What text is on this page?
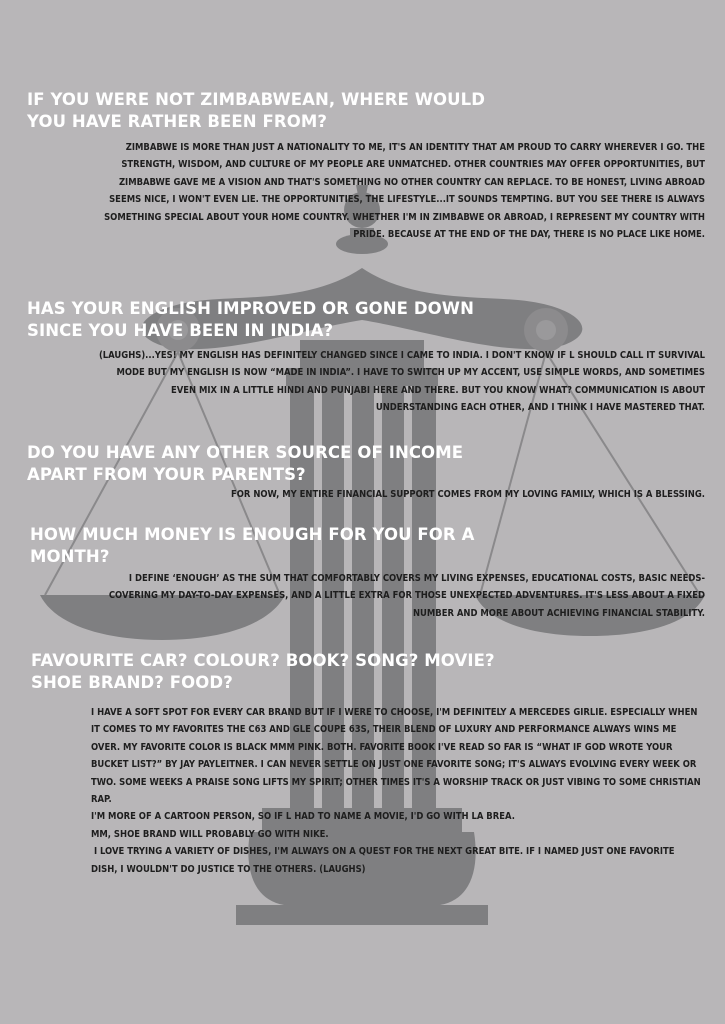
IF YOU WERE NOT ZIMBABWEAN, WHERE WOULD YOU HAVE RATHER BEEN FROM?

ZIMBABWE IS MORE THAN JUST A NATIONALITY TO ME, IT'S AN IDENTITY THAT AM PROUD TO CARRY WHEREVER I GO. THE STRENGTH, WISDOM, AND CULTURE OF MY PEOPLE ARE UNMATCHED. OTHER COUNTRIES MAY OFFER OPPORTUNITIES, BUT ZIMBABWE GAVE ME A VISION AND THAT'S SOMETHING NO OTHER COUNTRY CAN REPLACE. TO BE HONEST, LIVING ABROAD SEEMS NICE, I WON'T EVEN LIE. THE OPPORTUNITIES, THE LIFESTYLE...IT SOUNDS TEMPTING. BUT YOU SEE THERE IS ALWAYS SOMETHING SPECIAL ABOUT YOUR HOME COUNTRY. WHETHER I'M IN ZIMBABWE OR ABROAD, I REPRESENT MY COUNTRY WITH PRIDE. BECAUSE AT THE END OF THE DAY, THERE IS NO PLACE LIKE HOME.

HAS YOUR ENGLISH IMPROVED OR GONE DOWN SINCE YOU HAVE BEEN IN INDIA?

(LAUGHS)...YES! MY ENGLISH HAS DEFINITELY CHANGED SINCE I CAME TO INDIA. I DON'T KNOW IF L SHOULD CALL IT SURVIVAL MODE BUT MY ENGLISH IS NOW “MADE IN INDIA”. I HAVE TO SWITCH UP MY ACCENT, USE SIMPLE WORDS, AND SOMETIMES EVEN MIX IN A LITTLE HINDI AND PUNJABI HERE AND THERE. BUT YOU KNOW WHAT? COMMUNICATION IS ABOUT UNDERSTANDING EACH OTHER, AND I THINK I HAVE MASTERED THAT.

DO YOU HAVE ANY OTHER SOURCE OF INCOME APART FROM YOUR PARENTS?

FOR NOW, MY ENTIRE FINANCIAL SUPPORT COMES FROM MY LOVING FAMILY, WHICH IS A BLESSING.

HOW MUCH MONEY IS ENOUGH FOR YOU FOR A MONTH?

I DEFINE ‘ENOUGH’ AS THE SUM THAT COMFORTABLY COVERS MY LIVING EXPENSES, EDUCATIONAL COSTS, BASIC NEEDS-COVERING MY DAY-TO-DAY EXPENSES, AND A LITTLE EXTRA FOR THOSE UNEXPECTED ADVENTURES. IT'S LESS ABOUT A FIXED NUMBER AND MORE ABOUT ACHIEVING FINANCIAL STABILITY.

FAVOURITE CAR? COLOUR? BOOK? SONG? MOVIE? SHOE BRAND? FOOD?
I HAVE A SOFT SPOT FOR EVERY CAR BRAND BUT IF I WERE TO CHOOSE, I'M DEFINITELY A MERCEDES GIRLIE. ESPECIALLY WHEN IT COMES TO MY FAVORITES THE C63 AND GLE COUPE 63S, THEIR BLEND OF LUXURY AND PERFORMANCE ALWAYS WINS ME OVER. MY FAVORITE COLOR IS BLACK MMM PINK. BOTH. FAVORITE BOOK I'VE READ SO FAR IS “WHAT IF GOD WROTE YOUR BUCKET LIST?” BY JAY PAYLEITNER. I CAN NEVER SETTLE ON JUST ONE FAVORITE SONG; IT'S ALWAYS EVOLVING EVERY WEEK OR TWO. SOME WEEKS A PRAISE SONG LIFTS MY SPIRIT; OTHER TIMES IT'S A WORSHIP TRACK OR JUST VIBING TO SOME CHRISTIAN RAP.
I'M MORE OF A CARTOON PERSON, SO IF L HAD TO NAME A MOVIE, I'D GO WITH LA BREA.
MM, SHOE BRAND WILL PROBABLY GO WITH NIKE.
I LOVE TRYING A VARIETY OF DISHES, I'M ALWAYS ON A QUEST FOR THE NEXT GREAT BITE. IF I NAMED JUST ONE FAVORITE DISH, I WOULDN'T DO JUSTICE TO THE OTHERS. (LAUGHS)
